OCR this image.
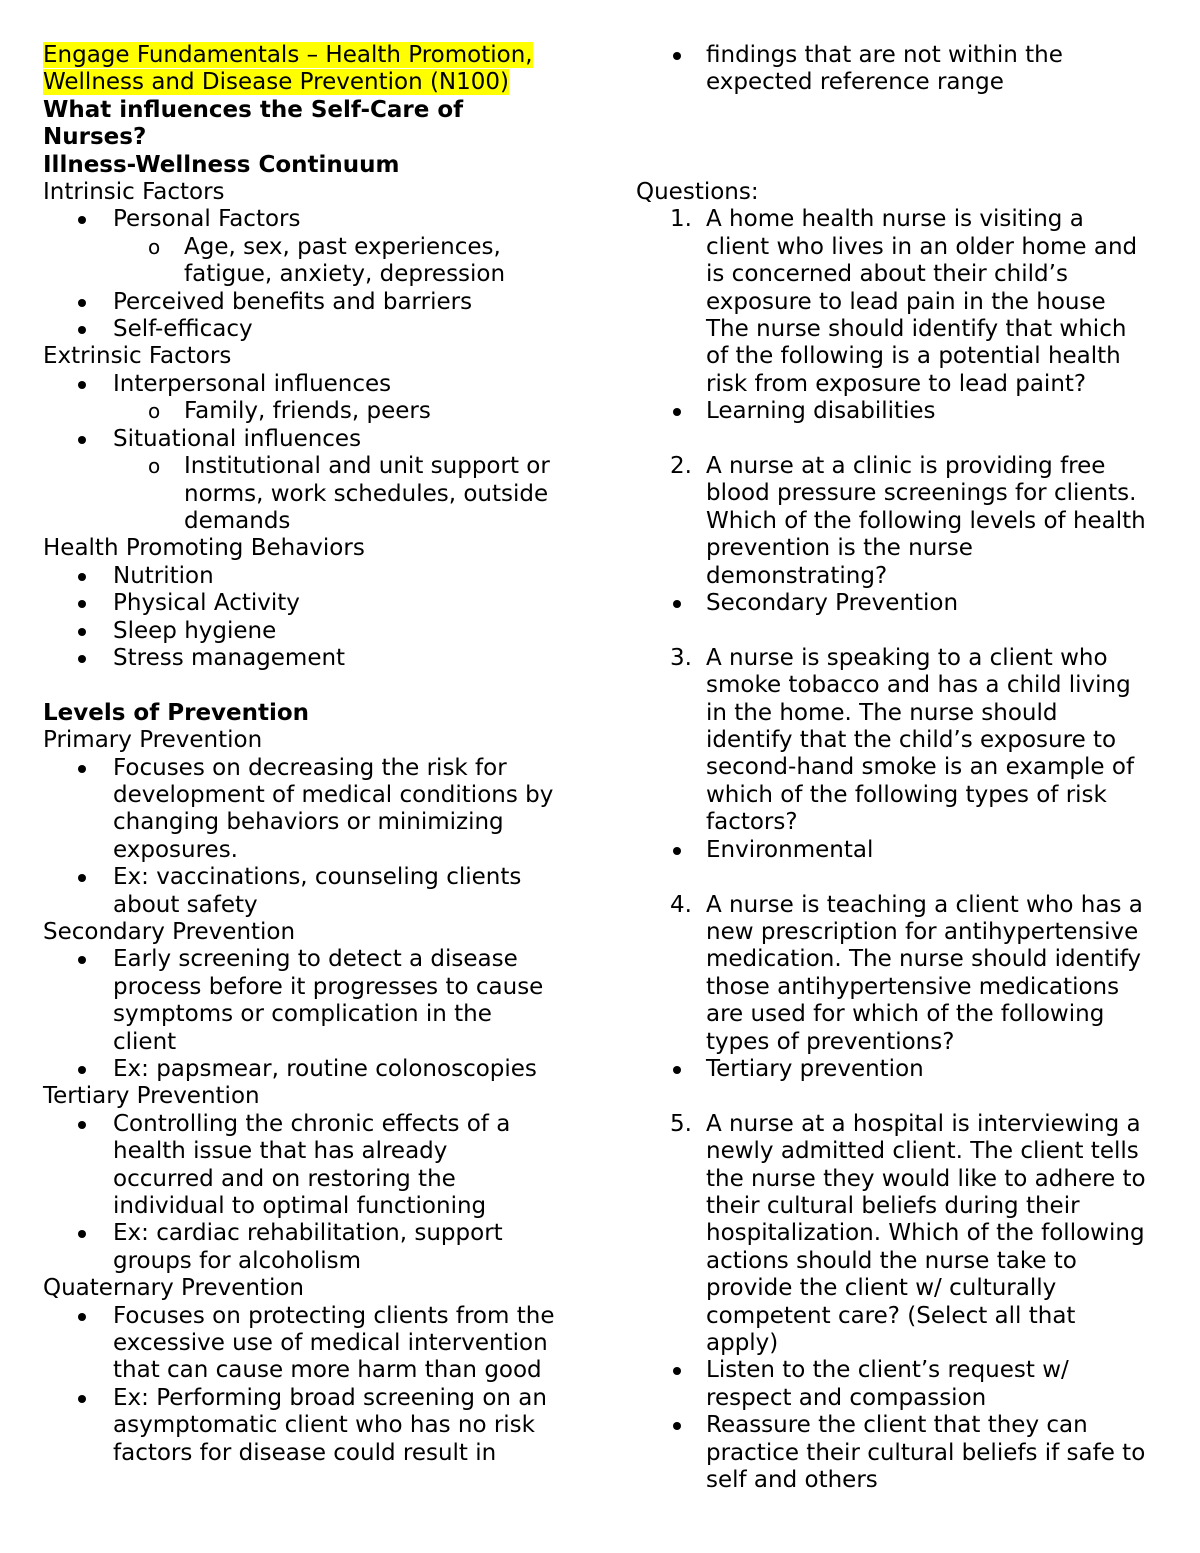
Engage Fundamentals – Health Promotion,
Wellness and Disease Prevention (N100)
What influences the Self-Care of
Nurses?
Illness-Wellness Continuum
Intrinsic Factors
Personal Factors
o Age, sex, past experiences,
fatigue, anxiety, depression
Perceived benefits and barriers
Self-efficacy
Extrinsic Factors
Interpersonal influences
o Family, friends, peers
Situational influences
o Institutional and unit support or
norms, work schedules, outside
demands
Health Promoting Behaviors
Nutrition
Physical Activity
Sleep hygiene
Stress management
Levels of Prevention
Primary Prevention
Focuses on decreasing the risk for
development of medical conditions by
changing behaviors or minimizing
exposures.
Ex: vaccinations, counseling clients
about safety
Secondary Prevention
Early screening to detect a disease
process before it progresses to cause
symptoms or complication in the
client
Ex: papsmear, routine colonoscopies
Tertiary Prevention
Controlling the chronic effects of a
health issue that has already
occurred and on restoring the
individual to optimal functioning
Ex: cardiac rehabilitation, support
groups for alcoholism
Quaternary Prevention
Focuses on protecting clients from the
excessive use of medical intervention
that can cause more harm than good
Ex: Performing broad screening on an
asymptomatic client who has no risk
factors for disease could result in
findings that are not within the
expected reference range
Questions:
1. A home health nurse is visiting a
client who lives in an older home and
is concerned about their child’s
exposure to lead pain in the house
The nurse should identify that which
of the following is a potential health
risk from exposure to lead paint?
Learning disabilities
2. A nurse at a clinic is providing free
blood pressure screenings for clients.
Which of the following levels of health
prevention is the nurse
demonstrating?
Secondary Prevention
3. A nurse is speaking to a client who
smoke tobacco and has a child living
in the home. The nurse should
identify that the child’s exposure to
second-hand smoke is an example of
which of the following types of risk
factors?
Environmental
4. A nurse is teaching a client who has a
new prescription for antihypertensive
medication. The nurse should identify
those antihypertensive medications
are used for which of the following
types of preventions?
Tertiary prevention
5. A nurse at a hospital is interviewing a
newly admitted client. The client tells
the nurse they would like to adhere to
their cultural beliefs during their
hospitalization. Which of the following
actions should the nurse take to
provide the client w/ culturally
competent care? (Select all that
apply)
Listen to the client’s request w/
respect and compassion
Reassure the client that they can
practice their cultural beliefs if safe to
self and others
